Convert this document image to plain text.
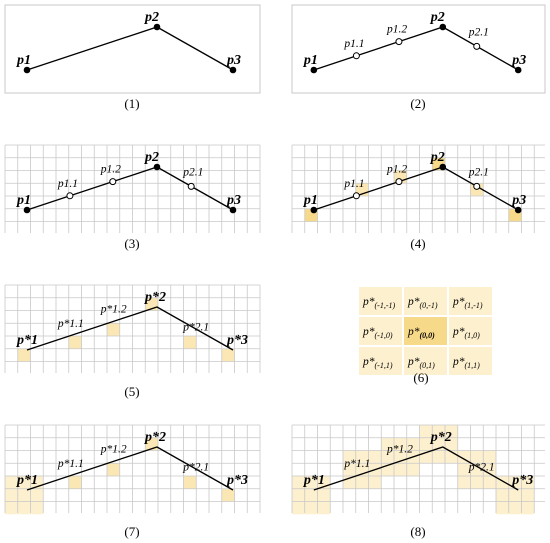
p1
p2
p3	p1
p2
p3
p1.1
p1.2	p2.1
p1
p2
p3
p1.1
p1.2	p2.1
p1
p2
p3
p1.1
p1.2	p2.1
p*1
p*2
p*3
p*1.1
p*1.2
p*2.1
p*1
p*2
p*3
p*1.1
p*1.2
p*2.1
p*1
p*2
p*3
p*1.1
p*1.2
p*2.1
$p*_{(-1,-1)}$ $p*_{(0,-1)}$ $p*_{(1,-1)}$
$p*_{(-1,0)}$ $p*_{(0,0)}$ $p*_{(1,0)}$
$p*_{(-1,1)}$ $p*_{(0,1)}$ $p*_{(1,1)}$
(1)	(2)
(3)	(4)
(5)
(6)
(7)	(8)
